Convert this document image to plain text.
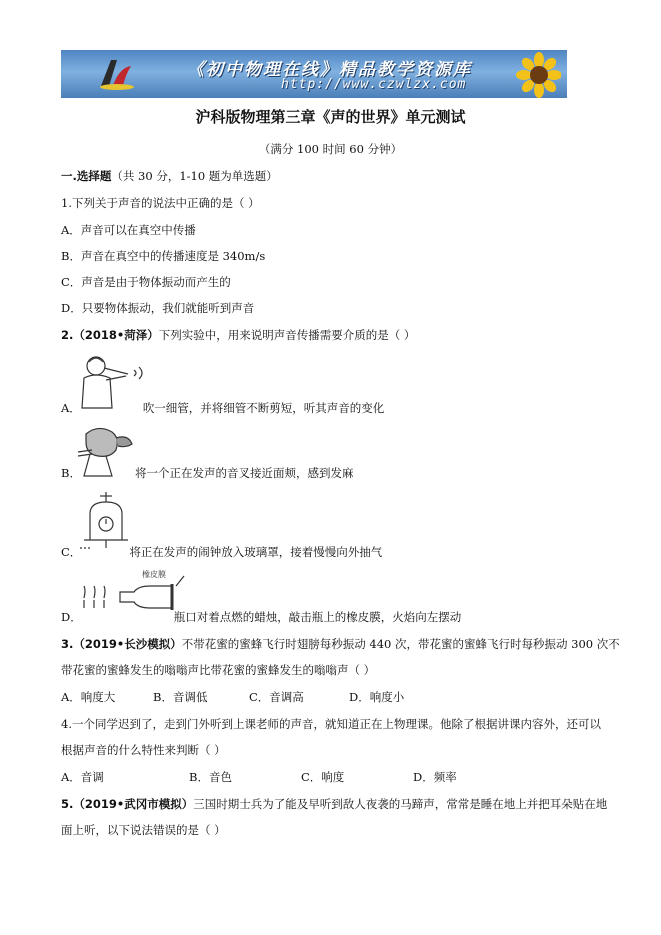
《初中物理在线》精品教学资源库
http://www.czwlzx.com
沪科版物理第三章《声的世界》单元测试
（满分 100 时间 60 分钟）
一.选择题（共 30 分，1-10 题为单选题）
1.下列关于声音的说法中正确的是（ ）
A．声音可以在真空中传播
B．声音在真空中的传播速度是 340m/s
C．声音是由于物体振动而产生的
D．只要物体振动，我们就能听到声音
2.（2018•菏泽）下列实验中，用来说明声音传播需要介质的是（ ）
A．	吹一细管，并将细管不断剪短，听其声音的变化
B．	将一个正在发声的音叉接近面颊，感到发麻
C．	将正在发声的闹钟放入玻璃罩，接着慢慢向外抽气
橡皮膜
D．	瓶口对着点燃的蜡烛，敲击瓶上的橡皮膜，火焰向左摆动
3.（2019•长沙模拟）不带花蜜的蜜蜂飞行时翅膀每秒振动 440 次，带花蜜的蜜蜂飞行时每秒振动 300 次不
带花蜜的蜜蜂发生的嗡嗡声比带花蜜的蜜蜂发生的嗡嗡声（ ）
A．响度大	B．音调低	C．音调高	D．响度小
4.一个同学迟到了，走到门外听到上课老师的声音，就知道正在上物理课。他除了根据讲课内容外，还可以
根据声音的什么特性来判断（ ）
A．音调	B．音色	C．响度	D．频率
5.（2019•武冈市模拟）三国时期士兵为了能及早听到敌人夜袭的马蹄声，常常是睡在地上并把耳朵贴在地
面上听，以下说法错误的是（ ）
